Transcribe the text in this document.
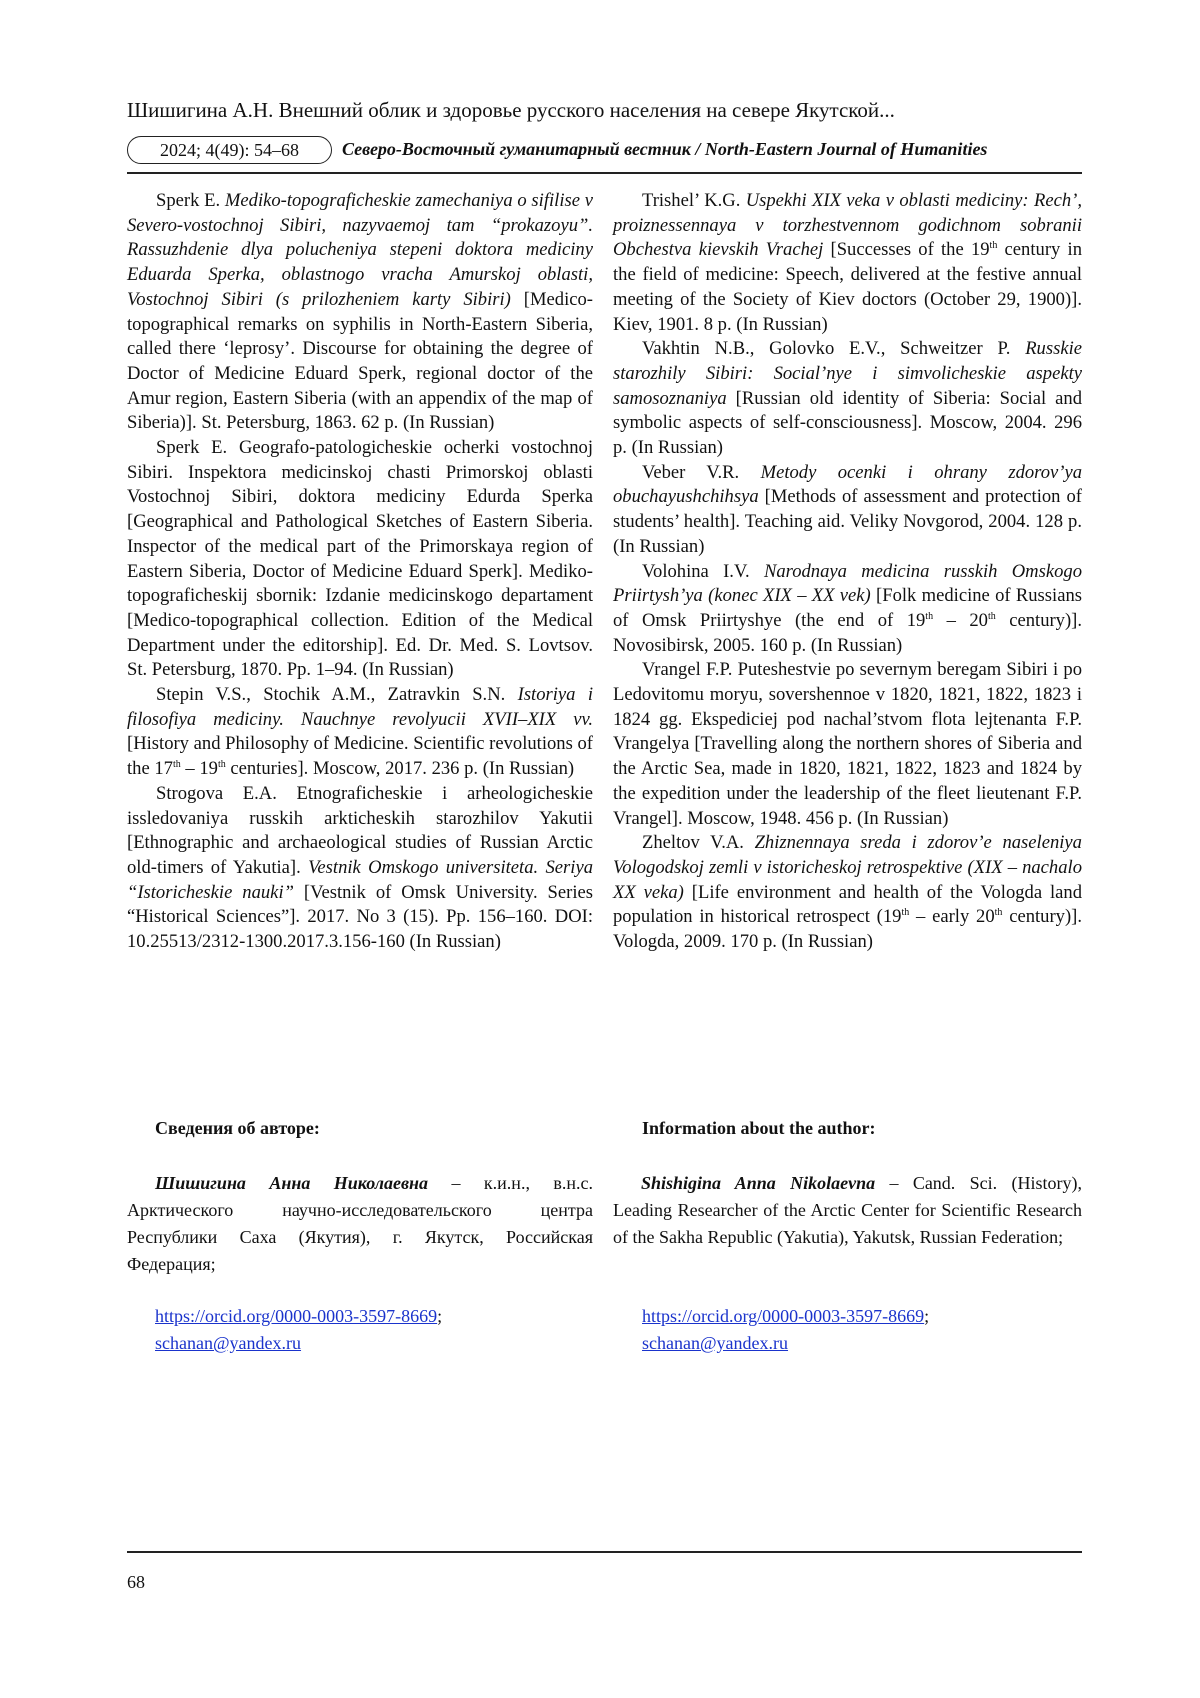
Шишигина А.Н. Внешний облик и здоровье русского населения на севере Якутской...
2024; 4(49): 54–68	Северо-Восточный гуманитарный вестник / North-Eastern Journal of Humanities

Sperk E. Mediko-topograficheskie zamechaniya o sifilise v Severo-vostochnoj Sibiri, nazyvaemoj tam “prokazoyu”. Rassuzhdenie dlya polucheniya stepeni doktora mediciny Eduarda Sperka, oblastnogo vracha Amurskoj oblasti, Vostochnoj Sibiri (s prilozheniem karty Sibiri) [Medico-topographical remarks on syphilis in North-Eastern Siberia, called there ‘leprosy’. Discourse for obtaining the degree of Doctor of Medicine Eduard Sperk, regional doctor of the Amur region, Eastern Siberia (with an appendix of the map of Siberia)]. St. Petersburg, 1863. 62 p. (In Russian)

Sperk E. Geografo-patologicheskie ocherki vostochnoj Sibiri. Inspektora medicinskoj chasti Primorskoj oblasti Vostochnoj Sibiri, doktora mediciny Edurda Sperka [Geographical and Pathological Sketches of Eastern Siberia. Inspector of the medical part of the Primorskaya region of Eastern Siberia, Doctor of Medicine Eduard Sperk]. Mediko-topograficheskij sbornik: Izdanie medicinskogo departament [Medico-topographical collection. Edition of the Medical Department under the editorship]. Ed. Dr. Med. S. Lovtsov. St. Petersburg, 1870. Pp. 1–94. (In Russian)

Stepin V.S., Stochik A.M., Zatravkin S.N. Istoriya i filosofiya mediciny. Nauchnye revolyucii XVII–XIX vv. [History and Philosophy of Medicine. Scientific revolutions of the 17th – 19th centuries]. Moscow, 2017. 236 p. (In Russian)

Strogova E.A. Etnograficheskie i arheologicheskie issledovaniya russkih arkticheskih starozhilov Yakutii [Ethnographic and archaeological studies of Russian Arctic old-timers of Yakutia]. Vestnik Omskogo universiteta. Seriya “Istoricheskie nauki” [Vestnik of Omsk University. Series “Historical Sciences”]. 2017. No 3 (15). Pp. 156–160. DOI: 10.25513/2312-1300.2017.3.156-160 (In Russian)

Trishel’ K.G. Uspekhi XIX veka v oblasti mediciny: Rech’, proiznessennaya v torzhestvennom godichnom sobranii Obchestva kievskih Vrachej [Successes of the 19th century in the field of medicine: Speech, delivered at the festive annual meeting of the Society of Kiev doctors (October 29, 1900)]. Kiev, 1901. 8 p. (In Russian)

Vakhtin N.B., Golovko E.V., Schweitzer P. Russkie starozhily Sibiri: Social’nye i simvolicheskie aspekty samosoznaniya [Russian old identity of Siberia: Social and symbolic aspects of self-consciousness]. Moscow, 2004. 296 p. (In Russian)

Veber V.R. Metody ocenki i ohrany zdorov’ya obuchayushchihsya [Methods of assessment and protection of students’ health]. Teaching aid. Veliky Novgorod, 2004. 128 p. (In Russian)

Volohina I.V. Narodnaya medicina russkih Omskogo Priirtysh’ya (konec XIX – XX vek) [Folk medicine of Russians of Omsk Priirtyshye (the end of 19th – 20th century)]. Novosibirsk, 2005. 160 p. (In Russian)

Vrangel F.P. Puteshestvie po severnym beregam Sibiri i po Ledovitomu moryu, sovershennoe v 1820, 1821, 1822, 1823 i 1824 gg. Ekspediciej pod nachal’stvom flota lejtenanta F.P. Vrangelya [Travelling along the northern shores of Siberia and the Arctic Sea, made in 1820, 1821, 1822, 1823 and 1824 by the expedition under the leadership of the fleet lieutenant F.P. Vrangel]. Moscow, 1948. 456 p. (In Russian)

Zheltov V.A. Zhiznennaya sreda i zdorov’e naseleniya Vologodskoj zemli v istoricheskoj retrospektive (XIX – nachalo XX veka) [Life environment and health of the Vologda land population in historical retrospect (19th – early 20th century)]. Vologda, 2009. 170 p. (In Russian)

Сведения об авторе:	Information about the author:

Шишигина Анна Николаевна – к.и.н., в.н.с. Арктического научно-исследовательского центра Республики Саха (Якутия), г. Якутск, Российская Федерация;

Shishigina Anna Nikolaevna – Cand. Sci. (History), Leading Researcher of the Arctic Center for Scientific Research of the Sakha Republic (Yakutia), Yakutsk, Russian Federation;

https://orcid.org/0000-0003-3597-8669;
schanan@yandex.ru
https://orcid.org/0000-0003-3597-8669;
schanan@yandex.ru
68
